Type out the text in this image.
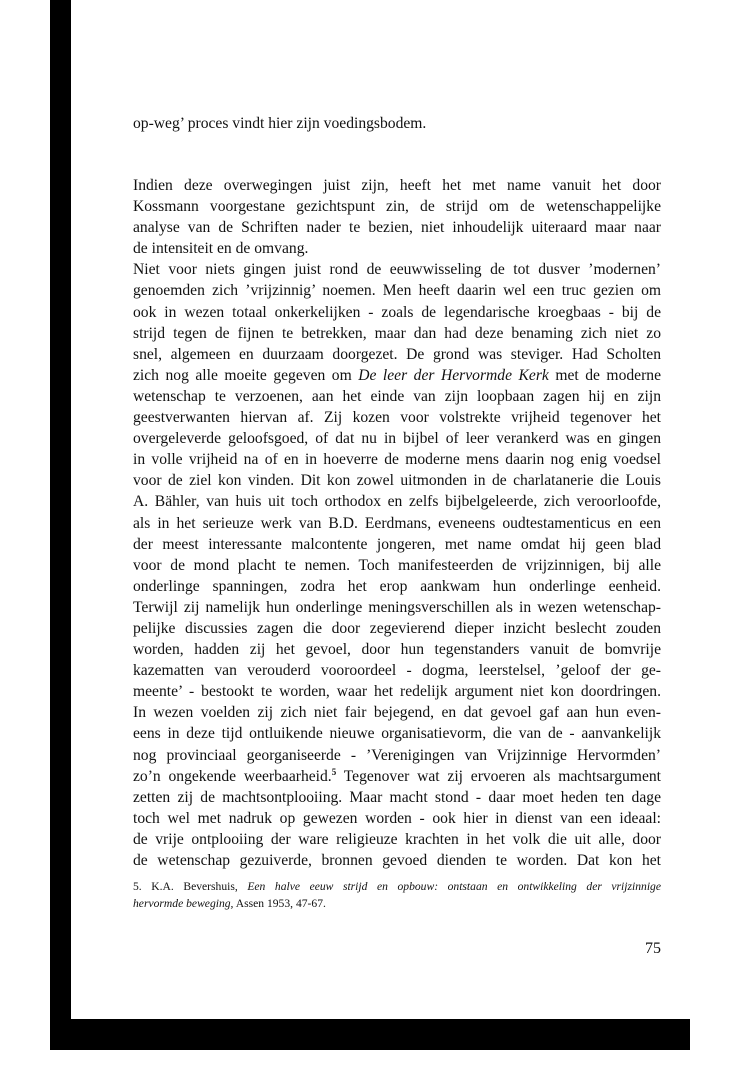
op-weg’ proces vindt hier zijn voedingsbodem.
Indien deze overwegingen juist zijn, heeft het met name vanuit het door
Kossmann voorgestane gezichtspunt zin, de strijd om de wetenschappelijke
analyse van de Schriften nader te bezien, niet inhoudelijk uiteraard maar naar
de intensiteit en de omvang.
Niet voor niets gingen juist rond de eeuwwisseling de tot dusver ’modernen’
genoemden zich ’vrijzinnig’ noemen. Men heeft daarin wel een truc gezien om
ook in wezen totaal onkerkelijken - zoals de legendarische kroegbaas - bij de
strijd tegen de fijnen te betrekken, maar dan had deze benaming zich niet zo
snel, algemeen en duurzaam doorgezet. De grond was steviger. Had Scholten
zich nog alle moeite gegeven om De leer der Hervormde Kerk met de moderne
wetenschap te verzoenen, aan het einde van zijn loopbaan zagen hij en zijn
geestverwanten hiervan af. Zij kozen voor volstrekte vrijheid tegenover het
overgeleverde geloofsgoed, of dat nu in bijbel of leer verankerd was en gingen
in volle vrijheid na of en in hoeverre de moderne mens daarin nog enig voedsel
voor de ziel kon vinden. Dit kon zowel uitmonden in de charlatanerie die Louis
A. Bähler, van huis uit toch orthodox en zelfs bijbelgeleerde, zich veroorloofde,
als in het serieuze werk van B.D. Eerdmans, eveneens oudtestamenticus en een
der meest interessante malcontente jongeren, met name omdat hij geen blad
voor de mond placht te nemen. Toch manifesteerden de vrijzinnigen, bij alle
onderlinge spanningen, zodra het erop aankwam hun onderlinge eenheid.
Terwijl zij namelijk hun onderlinge meningsverschillen als in wezen wetenschap-
pelijke discussies zagen die door zegevierend dieper inzicht beslecht zouden
worden, hadden zij het gevoel, door hun tegenstanders vanuit de bomvrije
kazematten van verouderd vooroordeel - dogma, leerstelsel, ’geloof der ge-
meente’ - bestookt te worden, waar het redelijk argument niet kon doordringen.
In wezen voelden zij zich niet fair bejegend, en dat gevoel gaf aan hun even-
eens in deze tijd ontluikende nieuwe organisatievorm, die van de - aanvankelijk
nog provinciaal georganiseerde - ’Verenigingen van Vrijzinnige Hervormden’
zo’n ongekende weerbaarheid.$^5$ Tegenover wat zij ervoeren als machtsargument
zetten zij de machtsontplooiing. Maar macht stond - daar moet heden ten dage
toch wel met nadruk op gewezen worden - ook hier in dienst van een ideaal:
de vrije ontplooiing der ware religieuze krachten in het volk die uit alle, door
de wetenschap gezuiverde, bronnen gevoed dienden te worden. Dat kon het
5. K.A. Bevershuis, Een halve eeuw strijd en opbouw: ontstaan en ontwikkeling der vrijzinnige
hervormde beweging, Assen 1953, 47-67.
75
